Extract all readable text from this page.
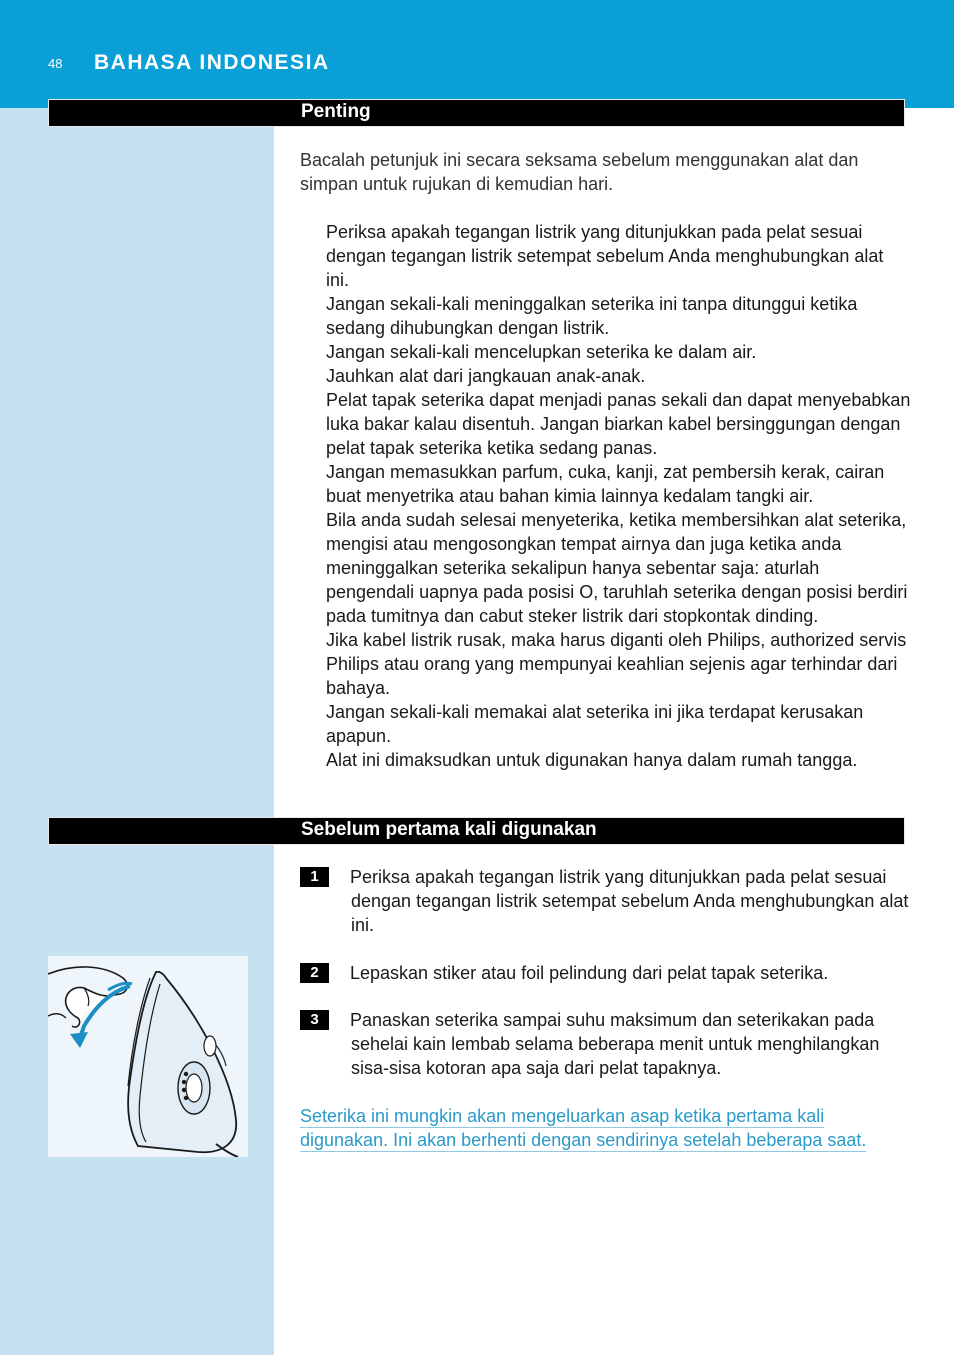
48 BAHASA INDONESIA
Penting
Bacalah petunjuk ini secara seksama sebelum menggunakan alat dan simpan untuk rujukan di kemudian hari.
Periksa apakah tegangan listrik yang ditunjukkan pada pelat sesuai dengan tegangan listrik setempat sebelum Anda menghubungkan alat ini.
Jangan sekali-kali meninggalkan seterika ini tanpa ditunggui ketika sedang dihubungkan dengan listrik.
Jangan sekali-kali mencelupkan seterika ke dalam air.
Jauhkan alat dari jangkauan anak-anak.
Pelat tapak seterika dapat menjadi panas sekali dan dapat menyebabkan luka bakar kalau disentuh. Jangan biarkan kabel bersinggungan dengan pelat tapak seterika ketika sedang panas.
Jangan memasukkan parfum, cuka, kanji, zat pembersih kerak, cairan buat menyetrika atau bahan kimia lainnya kedalam tangki air.
Bila anda sudah selesai menyeterika, ketika membersihkan alat seterika, mengisi atau mengosongkan tempat airnya dan juga ketika anda meninggalkan seterika sekalipun hanya sebentar saja: aturlah pengendali uapnya pada posisi O, taruhlah seterika dengan posisi berdiri pada tumitnya dan cabut steker listrik dari stopkontak dinding.
Jika kabel listrik rusak, maka harus diganti oleh Philips, authorized servis Philips atau orang yang mempunyai keahlian sejenis agar terhindar dari bahaya.
Jangan sekali-kali memakai alat seterika ini jika terdapat kerusakan apapun.
Alat ini dimaksudkan untuk digunakan hanya dalam rumah tangga.
Sebelum pertama kali digunakan
1	Periksa apakah tegangan listrik yang ditunjukkan pada pelat sesuai dengan tegangan listrik setempat sebelum Anda menghubungkan alat ini.
2	Lepaskan stiker atau foil pelindung dari pelat tapak seterika.
3	Panaskan seterika sampai suhu maksimum dan seterikakan pada sehelai kain lembab selama beberapa menit untuk menghilangkan sisa-sisa kotoran apa saja dari pelat tapaknya.
Seterika ini mungkin akan mengeluarkan asap ketika pertama kali digunakan. Ini akan berhenti dengan sendirinya setelah beberapa saat.
